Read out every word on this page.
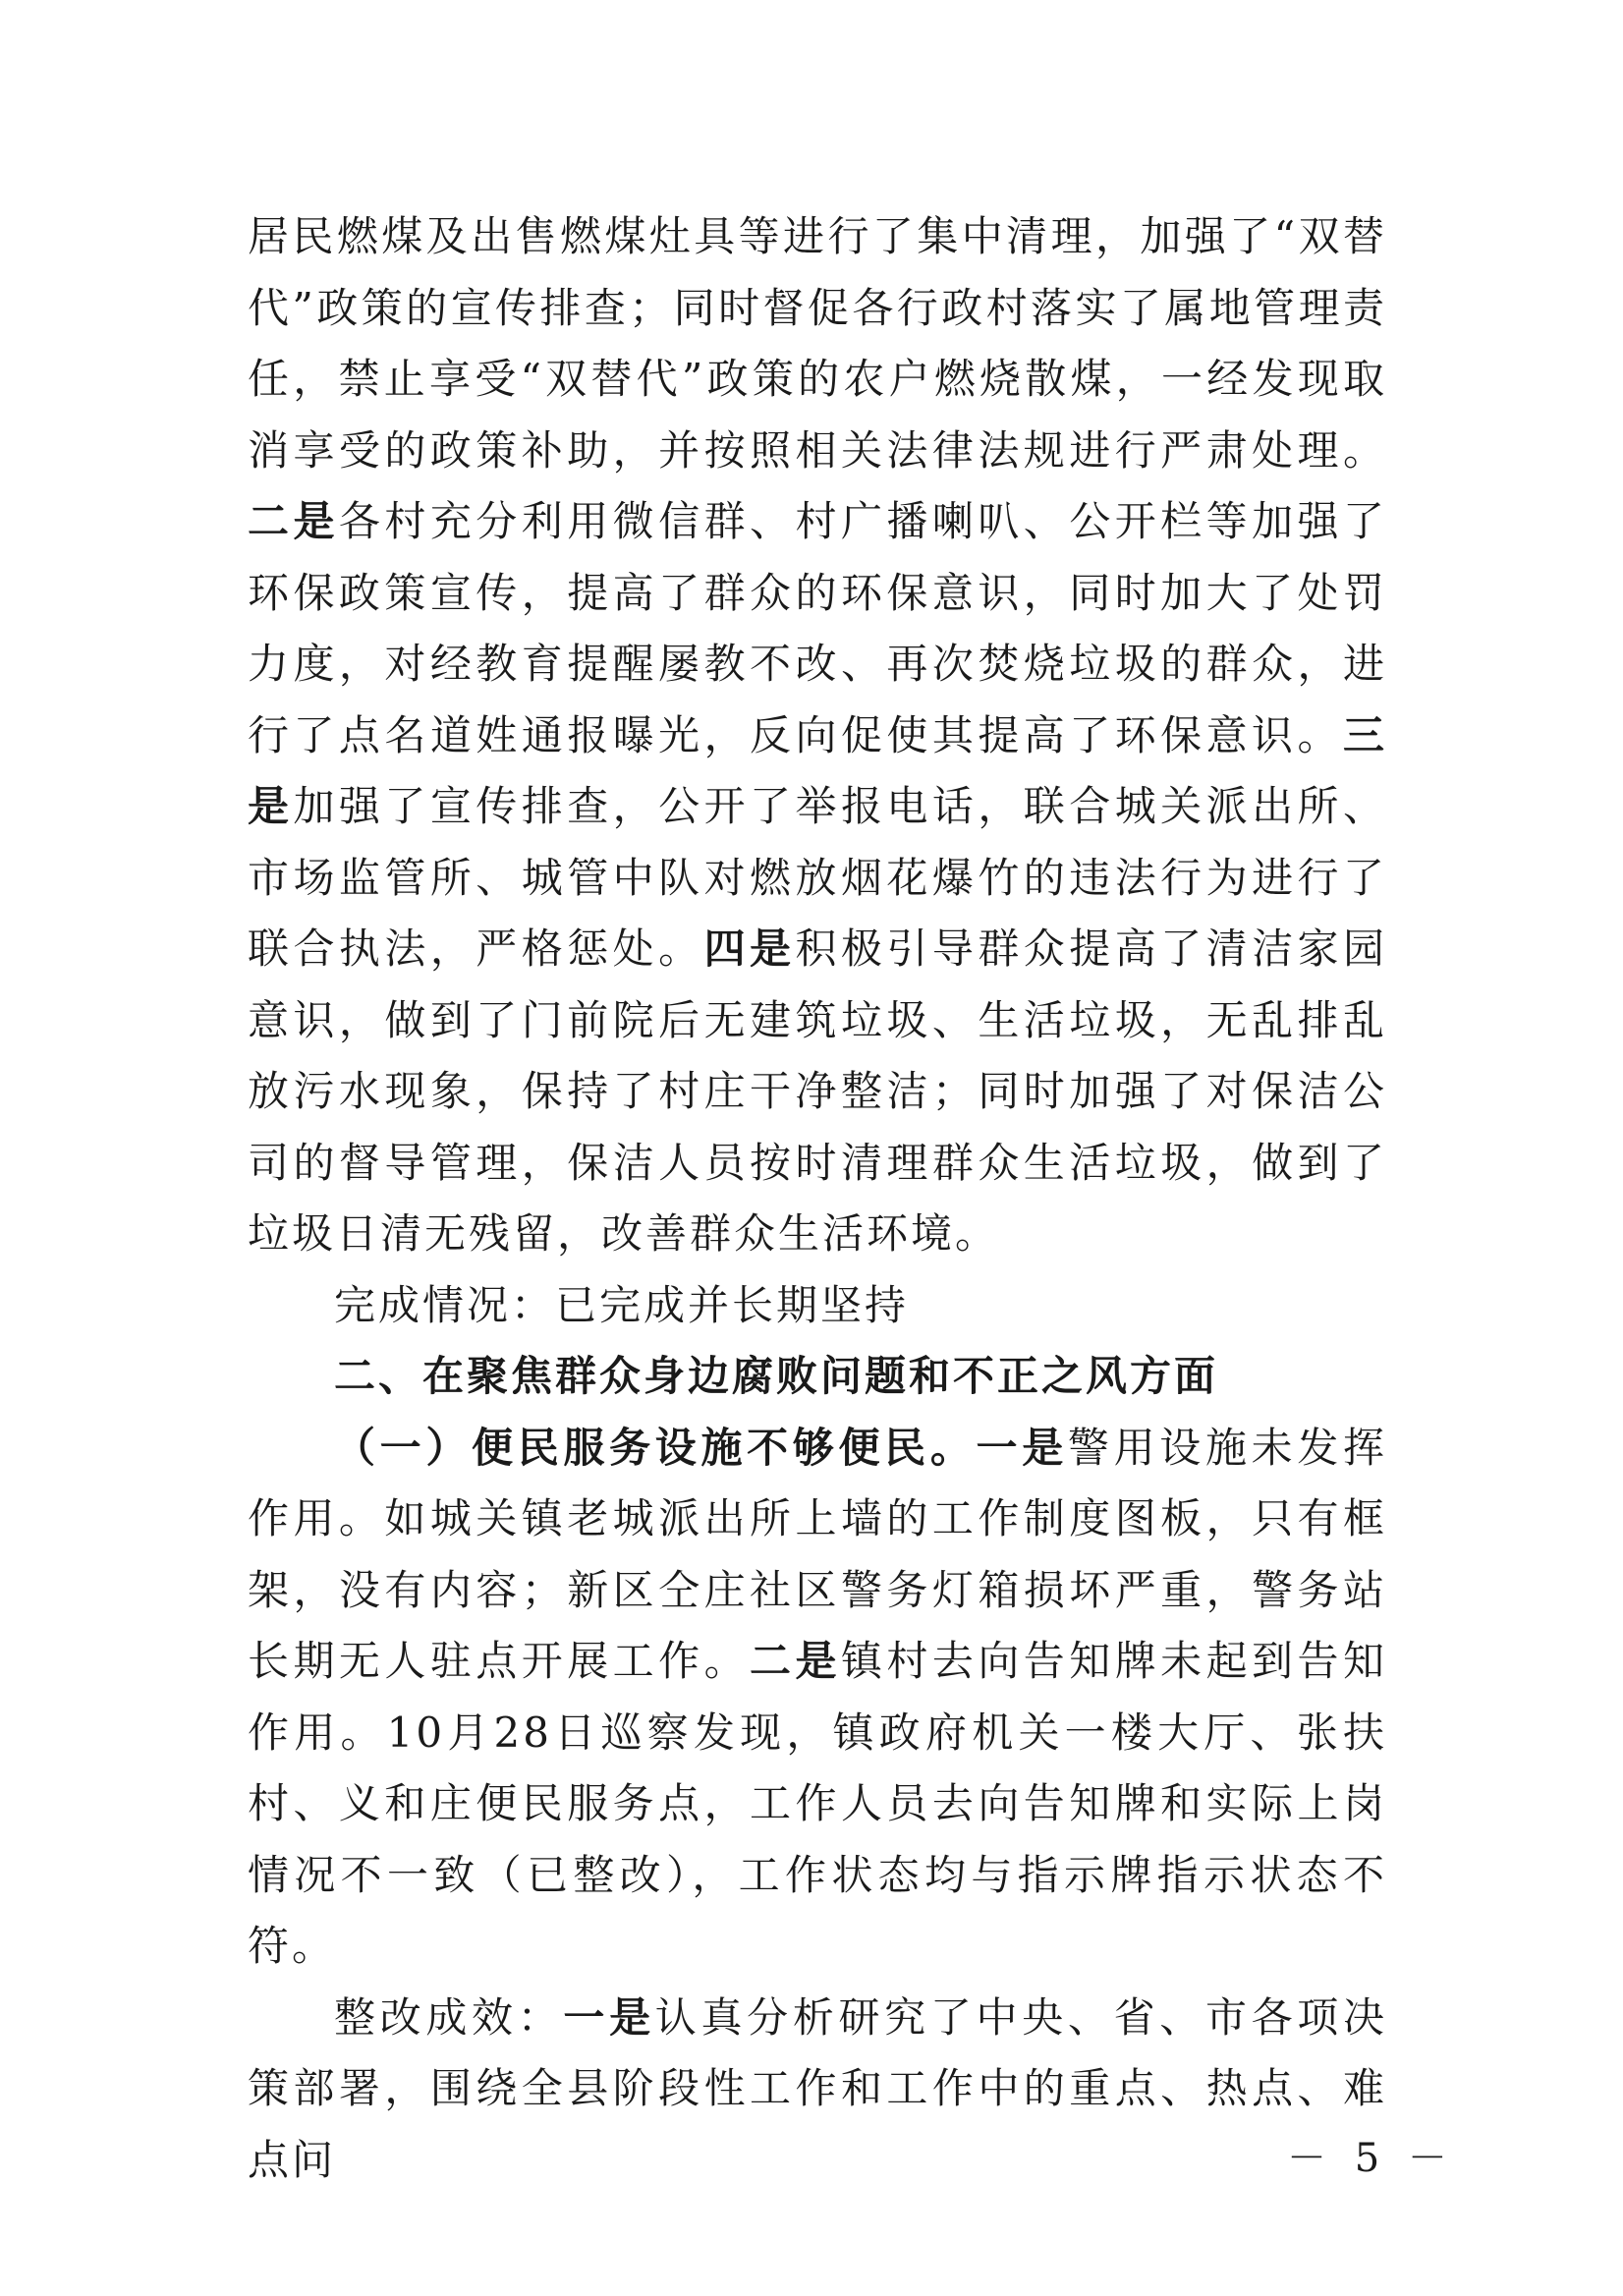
居民燃煤及出售燃煤灶具等进行了集中清理，加强了“双替代”政策的宣传排查；同时督促各行政村落实了属地管理责任，禁止享受“双替代”政策的农户燃烧散煤，一经发现取消享受的政策补助，并按照相关法律法规进行严肃处理。二是各村充分利用微信群、村广播喇叭、公开栏等加强了环保政策宣传，提高了群众的环保意识，同时加大了处罚力度，对经教育提醒屡教不改、再次焚烧垃圾的群众，进行了点名道姓通报曝光，反向促使其提高了环保意识。三是加强了宣传排查，公开了举报电话，联合城关派出所、市场监管所、城管中队对燃放烟花爆竹的违法行为进行了联合执法，严格惩处。四是积极引导群众提高了清洁家园意识，做到了门前院后无建筑垃圾、生活垃圾，无乱排乱放污水现象，保持了村庄干净整洁；同时加强了对保洁公司的督导管理，保洁人员按时清理群众生活垃圾，做到了垃圾日清无残留，改善群众生活环境。

完成情况：已完成并长期坚持

二、在聚焦群众身边腐败问题和不正之风方面

（一）便民服务设施不够便民。一是警用设施未发挥作用。如城关镇老城派出所上墙的工作制度图板，只有框架，没有内容；新区仝庄社区警务灯箱损坏严重，警务站长期无人驻点开展工作。二是镇村去向告知牌未起到告知作用。10月28日巡察发现，镇政府机关一楼大厅、张扶村、义和庄便民服务点，工作人员去向告知牌和实际上岗情况不一致（已整改），工作状态均与指示牌指示状态不符。

整改成效：一是认真分析研究了中央、省、市各项决策部署，围绕全县阶段性工作和工作中的重点、热点、难点问	－ 5 －
